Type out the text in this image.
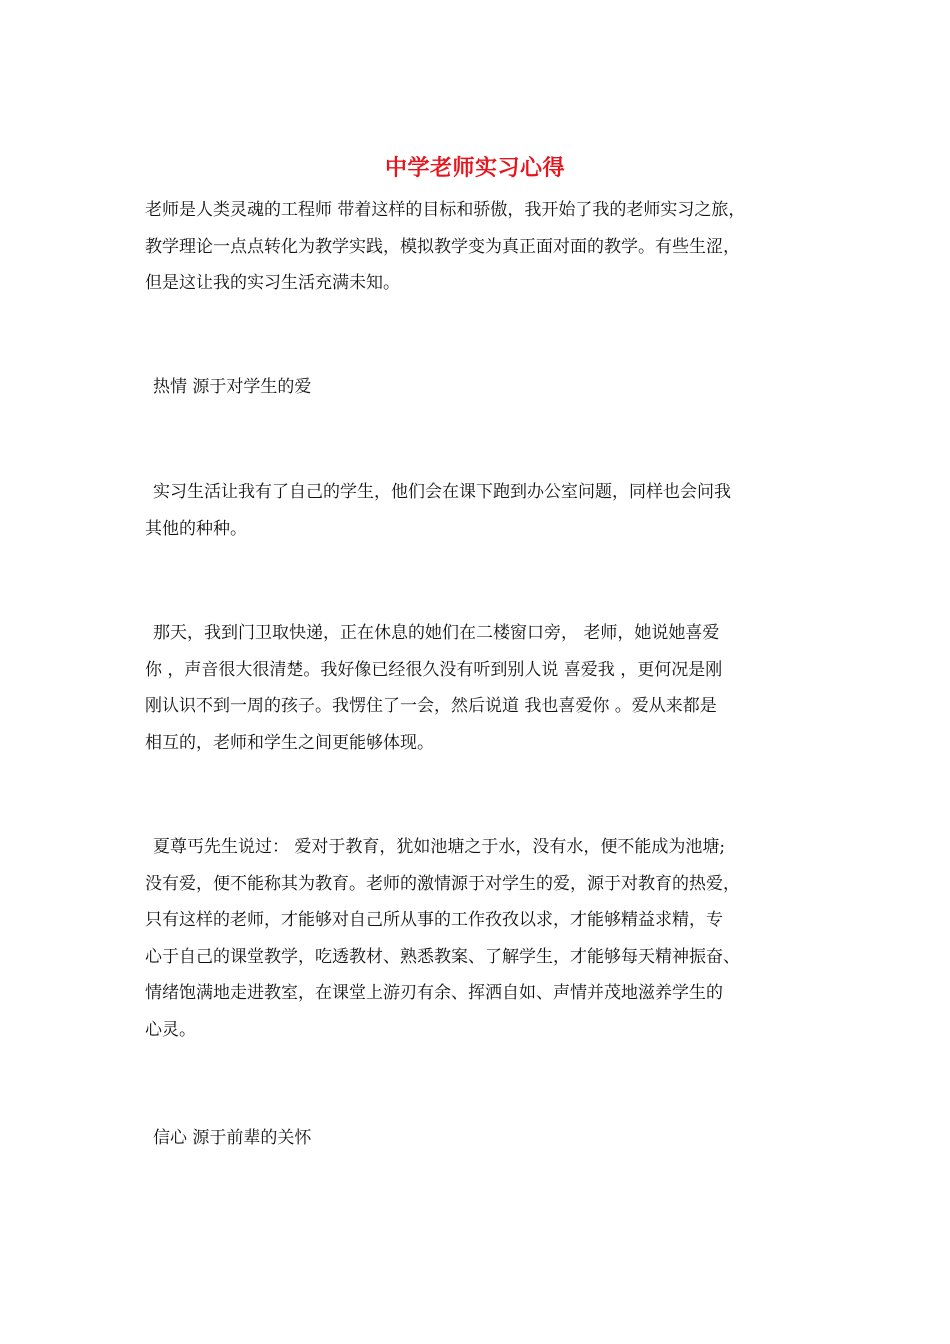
中学老师实习心得
老师是人类灵魂的工程师 带着这样的目标和骄傲，我开始了我的老师实习之旅，
教学理论一点点转化为教学实践，模拟教学变为真正面对面的教学。有些生涩，
但是这让我的实习生活充满未知。
热情 源于对学生的爱
实习生活让我有了自己的学生，他们会在课下跑到办公室问题，同样也会问我
其他的种种。
那天，我到门卫取快递，正在休息的她们在二楼窗口旁， 老师，她说她喜爱
你 ，声音很大很清楚。我好像已经很久没有听到别人说 喜爱我 ，更何况是刚
刚认识不到一周的孩子。我愣住了一会，然后说道 我也喜爱你 。爱从来都是
相互的，老师和学生之间更能够体现。
夏尊丐先生说过： 爱对于教育，犹如池塘之于水，没有水，便不能成为池塘;
没有爱，便不能称其为教育。老师的激情源于对学生的爱，源于对教育的热爱，
只有这样的老师，才能够对自己所从事的工作孜孜以求，才能够精益求精，专
心于自己的课堂教学，吃透教材、熟悉教案、了解学生，才能够每天精神振奋、
情绪饱满地走进教室，在课堂上游刃有余、挥洒自如、声情并茂地滋养学生的
心灵。
信心 源于前辈的关怀
